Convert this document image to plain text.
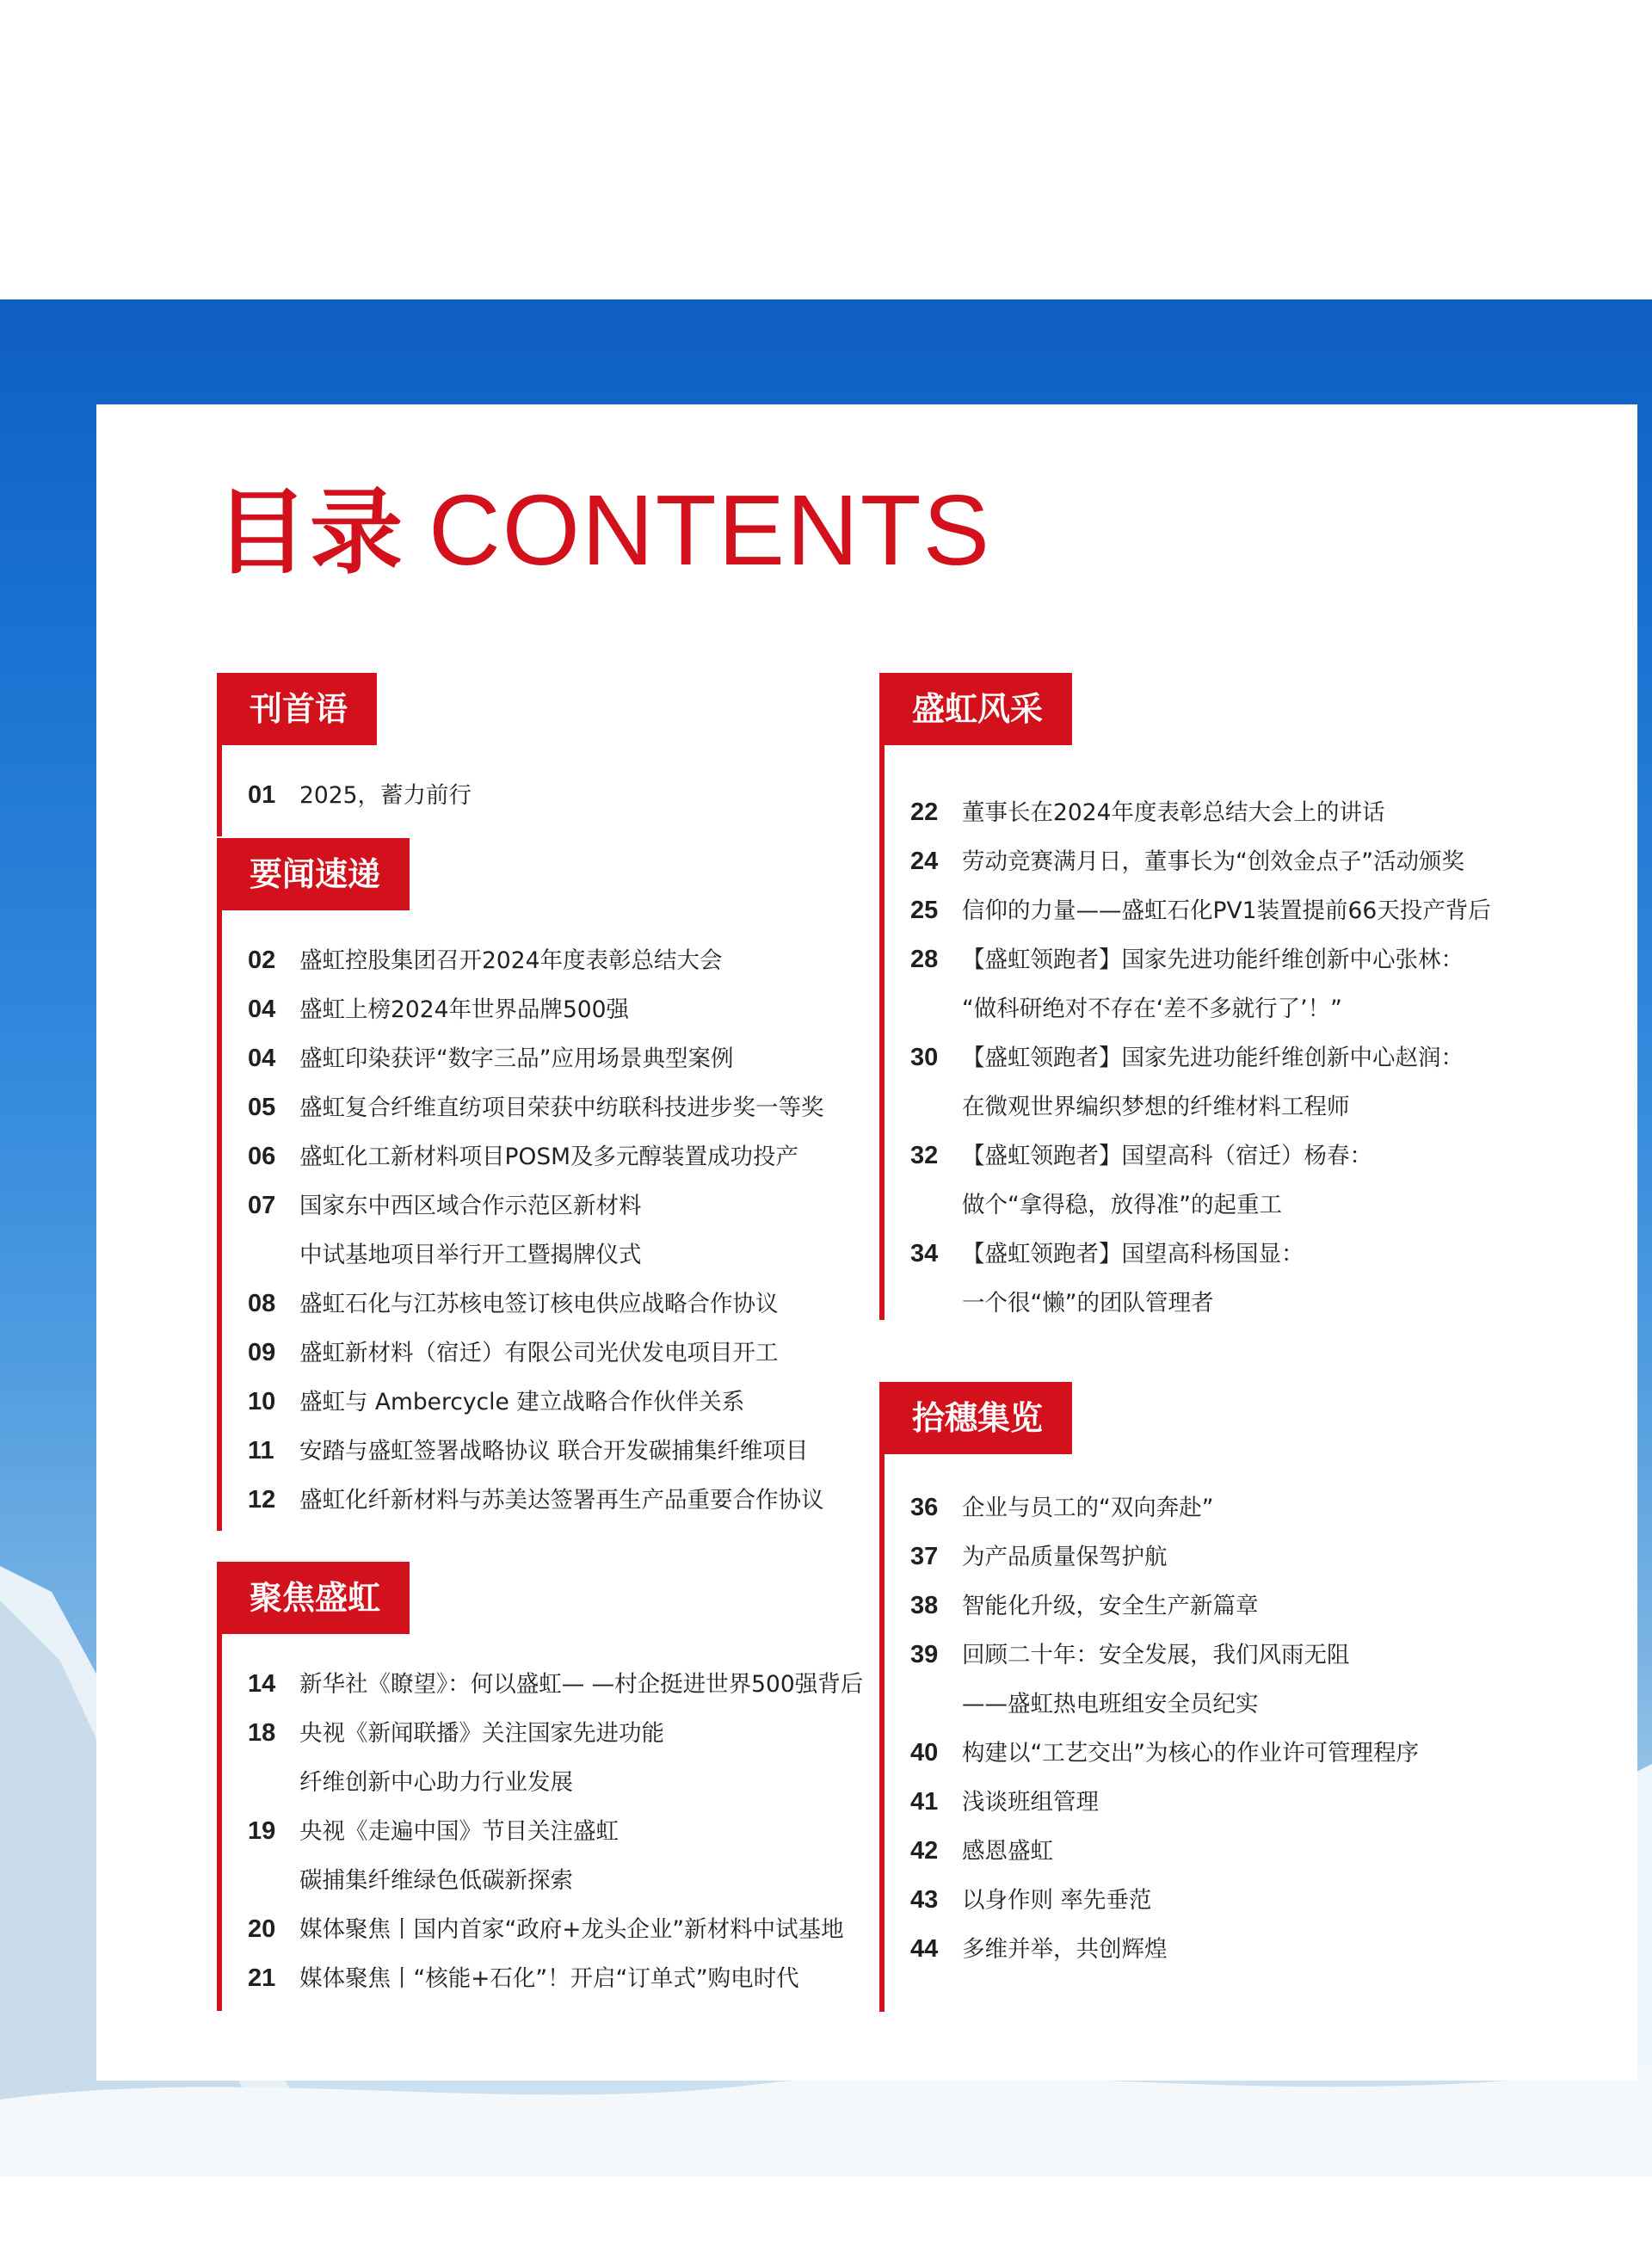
目录 CONTENTS
刊首语
01	2025，蓄力前行
要闻速递
02	盛虹控股集团召开2024年度表彰总结大会
04	盛虹上榜2024年世界品牌500强
04	盛虹印染获评“数字三品”应用场景典型案例
05	盛虹复合纤维直纺项目荣获中纺联科技进步奖一等奖
06	盛虹化工新材料项目POSM及多元醇装置成功投产
07	国家东中西区域合作示范区新材料
中试基地项目举行开工暨揭牌仪式
08	盛虹石化与江苏核电签订核电供应战略合作协议
09	盛虹新材料（宿迁）有限公司光伏发电项目开工
10	盛虹与 Ambercycle 建立战略合作伙伴关系
11	安踏与盛虹签署战略协议 联合开发碳捕集纤维项目
12	盛虹化纤新材料与苏美达签署再生产品重要合作协议
聚焦盛虹
14	新华社《瞭望》：何以盛虹— —村企挺进世界500强背后
18	央视《新闻联播》关注国家先进功能
纤维创新中心助力行业发展
19	央视《走遍中国》节目关注盛虹
碳捕集纤维绿色低碳新探索
20	媒体聚焦丨国内首家“政府+龙头企业”新材料中试基地
21	媒体聚焦丨“核能+石化”！开启“订单式”购电时代
盛虹风采
22	董事长在2024年度表彰总结大会上的讲话
24	劳动竞赛满月日，董事长为“创效金点子”活动颁奖
25	信仰的力量——盛虹石化PV1装置提前66天投产背后
28	【盛虹领跑者】国家先进功能纤维创新中心张林：
“做科研绝对不存在‘差不多就行了’！”
30	【盛虹领跑者】国家先进功能纤维创新中心赵润：
在微观世界编织梦想的纤维材料工程师
32	【盛虹领跑者】国望高科（宿迁）杨春：
做个“拿得稳，放得准”的起重工
34	【盛虹领跑者】国望高科杨国显：
一个很“懒”的团队管理者
拾穗集览
36	企业与员工的“双向奔赴”
37	为产品质量保驾护航
38	智能化升级，安全生产新篇章
39	回顾二十年：安全发展，我们风雨无阻
——盛虹热电班组安全员纪实
40	构建以“工艺交出”为核心的作业许可管理程序
41	浅谈班组管理
42	感恩盛虹
43	以身作则 率先垂范
44	多维并举，共创辉煌
